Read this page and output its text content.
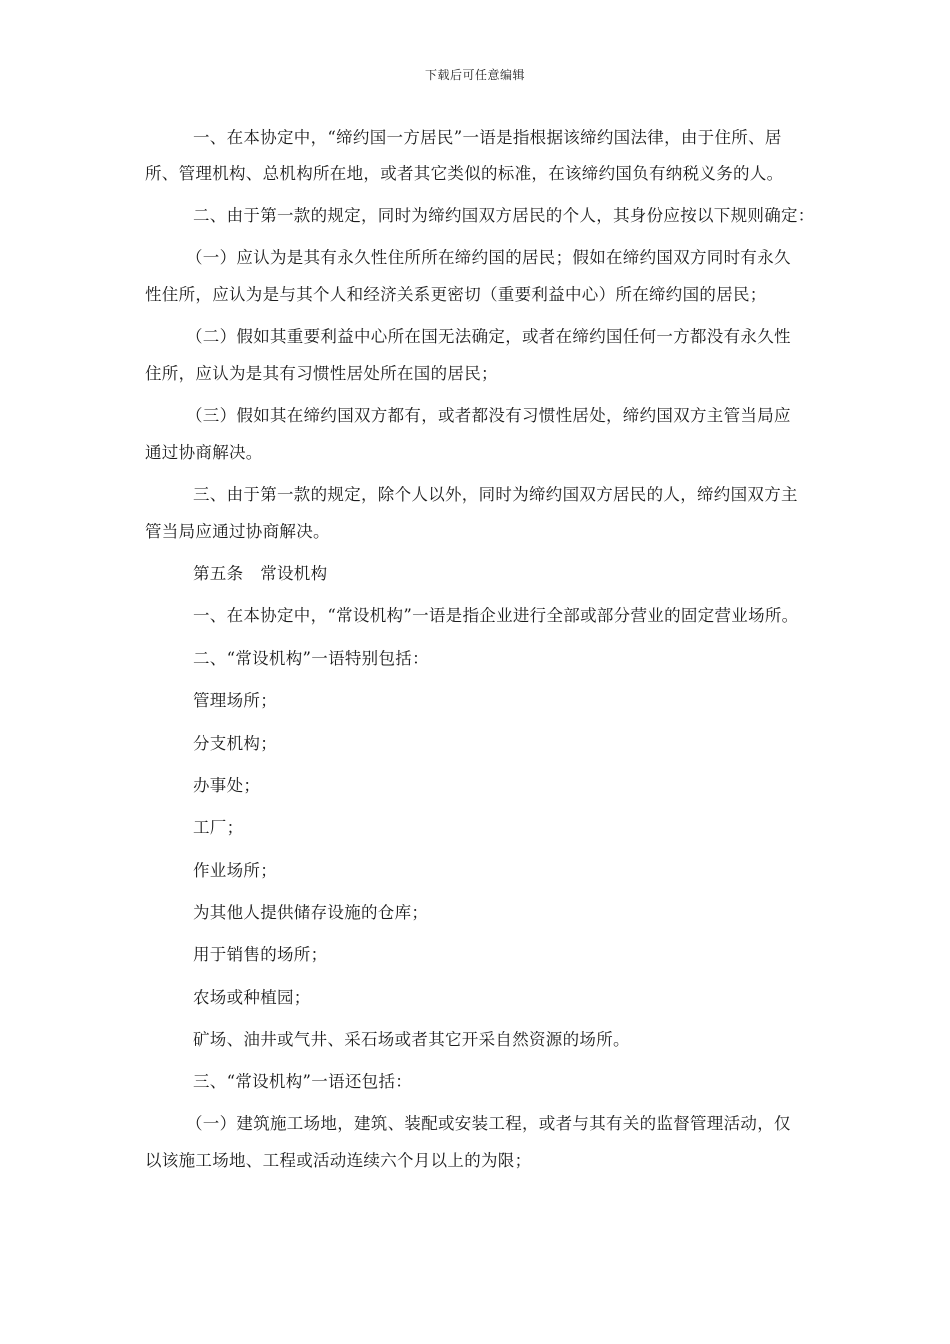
下载后可任意编辑
一、在本协定中，“缔约国一方居民”一语是指根据该缔约国法律，由于住所、居
所、管理机构、总机构所在地，或者其它类似的标准，在该缔约国负有纳税义务的人。
二、由于第一款的规定，同时为缔约国双方居民的个人，其身份应按以下规则确定：
（一）应认为是其有永久性住所所在缔约国的居民；假如在缔约国双方同时有永久
性住所，应认为是与其个人和经济关系更密切（重要利益中心）所在缔约国的居民；
（二）假如其重要利益中心所在国无法确定，或者在缔约国任何一方都没有永久性
住所，应认为是其有习惯性居处所在国的居民；
（三）假如其在缔约国双方都有，或者都没有习惯性居处，缔约国双方主管当局应
通过协商解决。
三、由于第一款的规定，除个人以外，同时为缔约国双方居民的人，缔约国双方主
管当局应通过协商解决。
第五条　常设机构
一、在本协定中，“常设机构”一语是指企业进行全部或部分营业的固定营业场所。
二、“常设机构”一语特别包括：
管理场所；
分支机构；
办事处；
工厂；
作业场所；
为其他人提供储存设施的仓库；
用于销售的场所；
农场或种植园；
矿场、油井或气井、采石场或者其它开采自然资源的场所。
三、“常设机构”一语还包括：
（一）建筑施工场地，建筑、装配或安装工程，或者与其有关的监督管理活动，仅
以该施工场地、工程或活动连续六个月以上的为限；
